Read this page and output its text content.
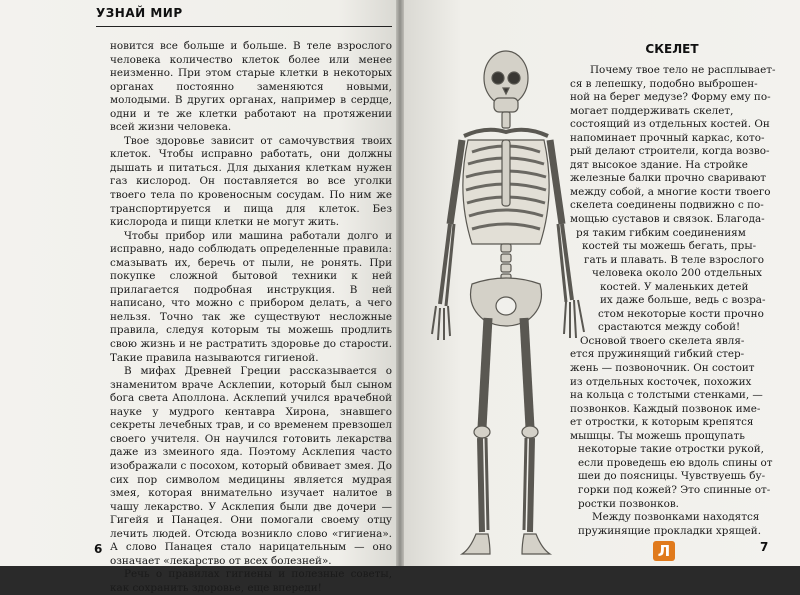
УЗНАЙ МИР

новится все больше и больше. В теле взрослого человека количество клеток более или менее неизменно. При этом старые клетки в некоторых органах постоянно заменяются новыми, молодыми. В других органах, например в сердце, одни и те же клетки работают на протяжении всей жизни человека.

Твое здоровье зависит от самочувствия твоих клеток. Чтобы исправно работать, они должны дышать и питаться. Для дыхания клеткам нужен газ кислород. Он поставляется во все уголки твоего тела по кровеносным сосудам. По ним же транспортируется и пища для клеток. Без кислорода и пищи клетки не могут жить.

Чтобы прибор или машина работали долго и исправно, надо соблюдать определенные правила: смазывать их, беречь от пыли, не ронять. При покупке сложной бытовой техники к ней прилагается подробная инструкция. В ней написано, что можно с прибором делать, а чего нельзя. Точно так же существуют несложные правила, следуя которым ты можешь продлить свою жизнь и не растратить здоровье до старости. Такие правила называются гигиеной.

В мифах Древней Греции рассказывается о знаменитом враче Асклепии, который был сыном бога света Аполлона. Асклепий учился врачебной науке у мудрого кентавра Хирона, знавшего секреты лечебных трав, и со временем превзошел своего учителя. Он научился готовить лекарства даже из змеиного яда. Поэтому Асклепия часто изображали с посохом, который обвивает змея. До сих пор символом медицины является мудрая змея, которая внимательно изучает налитое в чашу лекарство. У Асклепия были две дочери — Гигейя и Панацея. Они помогали своему отцу лечить людей. Отсюда возникло слово «гигиена». А слово Панацея стало нарицательным — оно означает «лекарство от всех болезней».

Речь о правилах гигиены и полезные советы, как сохранить здоровье, еще впереди!

6
СКЕЛЕТ
Почему твое тело не расплывает-
ся в лепешку, подобно выброшен-
ной на берег медузе? Форму ему по-
могает поддерживать скелет,
состоящий из отдельных костей. Он
напоминает прочный каркас, кото-
рый делают строители, когда возво-
дят высокое здание. На стройке
железные балки прочно сваривают
между собой, а многие кости твоего
скелета соединены подвижно с по-
мощью суставов и связок. Благода-
ря таким гибким соединениям
костей ты можешь бегать, пры-
гать и плавать. В теле взрослого
человека около 200 отдельных
костей. У маленьких детей
их даже больше, ведь с возра-
стом некоторые кости прочно
срастаются между собой!
Основой твоего скелета явля-
ется пружинящий гибкий стер-
жень — позвоночник. Он состоит
из отдельных косточек, похожих
на кольца с толстыми стенками, —
позвонков. Каждый позвонок име-
ет отростки, к которым крепятся
мышцы. Ты можешь прощупать
некоторые такие отростки рукой,
если проведешь ею вдоль спины от
шеи до поясницы. Чувствуешь бу-
горки под кожей? Это спинные от-
ростки позвонков.
Между позвонками находятся
пружинящие прокладки хрящей.
Л	7
